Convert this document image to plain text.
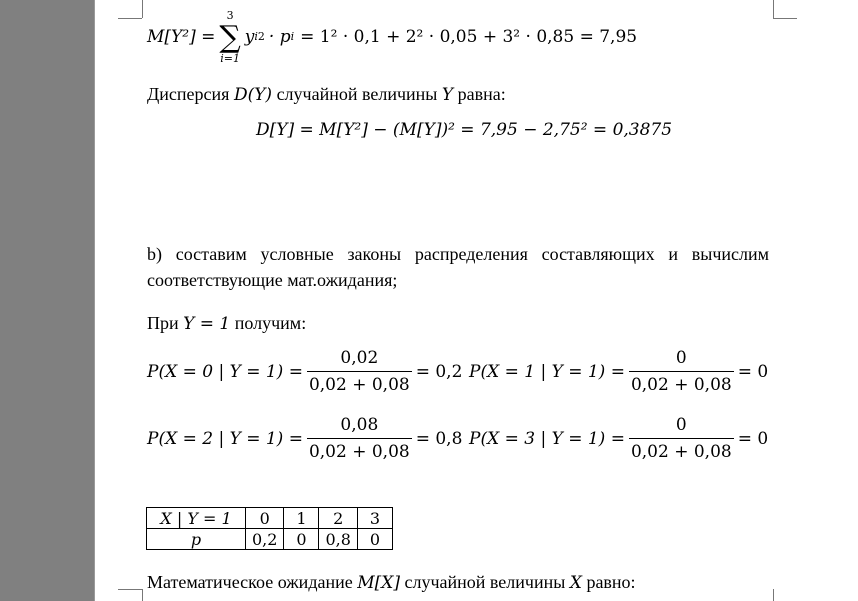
M[Y²] =
3
∑
i=1
y i 2 · p i = 1² · 0,1 + 2² · 0,05 + 3² · 0,85 = 7,95
Дисперсия D(Y) случайной величины Y равна:
D[Y] = M[Y²] − (M[Y])² = 7,95 − 2,75² = 0,3875
b) составим условные законы распределения составляющих и вычислим
соответствующие мат.ожидания;
При Y = 1 получим:
P(X = 0 | $Y = 1) = \frac{0,02}{0,02 + 0,08} = 0,2$ P(X = 1 | $Y = 1) = \frac{0}{0,02 + 0,08} = 0$
P(X = 2 | $Y = 1) = \frac{0,08}{0,02 + 0,08} = 0,8$ P(X = 3 | $Y = 1) = \frac{0}{0,02 + 0,08} = 0$
X | Y = 1	0	1	2	3
p	0,2	0	0,8	0
Математическое ожидание M[X] случайной величины X равно:
